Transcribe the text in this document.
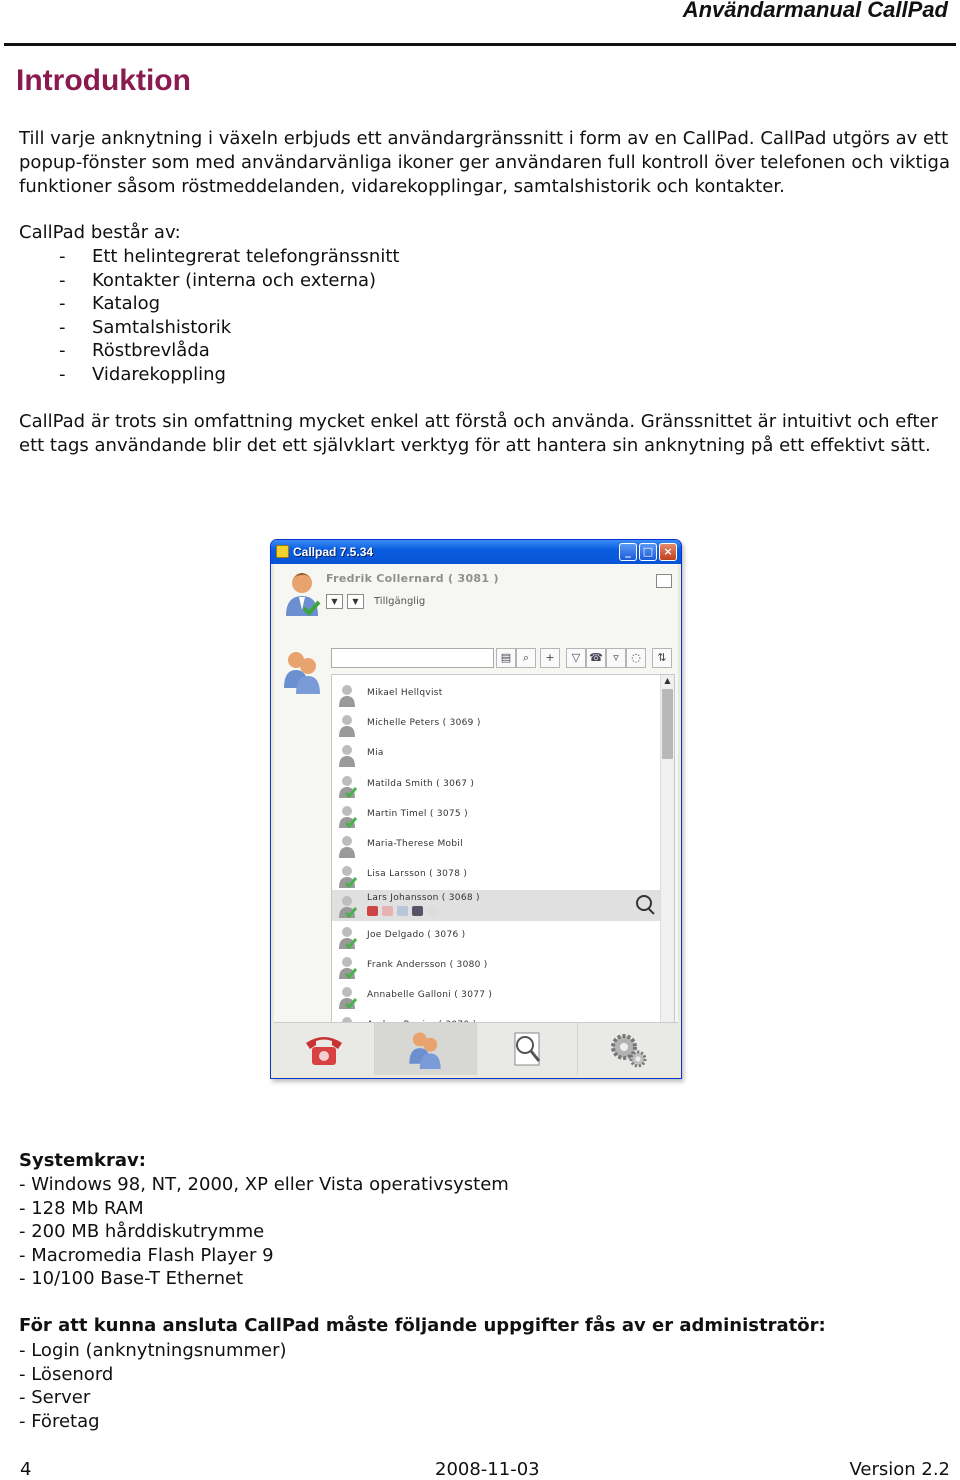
Användarmanual CallPad
Introduktion

Till varje anknytning i växeln erbjuds ett användargränssnitt i form av en CallPad. CallPad utgörs av ett popup-fönster som med användarvänliga ikoner ger användaren full kontroll över telefonen och viktiga funktioner såsom röstmeddelanden, vidarekopplingar, samtalshistorik och kontakter.

CallPad består av:

-	Ett helintegrerat telefongränssnitt
-	Kontakter (interna och externa)
-	Katalog
-	Samtalshistorik
-	Röstbrevlåda
-	Vidarekoppling

CallPad är trots sin omfattning mycket enkel att förstå och använda. Gränssnittet är intuitivt och efter ett tags användande blir det ett självklart verktyg för att hantera sin anknytning på ett effektivt sätt.

Callpad 7.5.34	_	□ ×
Fredrik Collernard ( 3081 )
▼	▼	Tillgänglig
▤	⌕	+	▽ ☎ ▿	◌	⇅
▲
Mikael Hellqvist
Michelle Peters ( 3069 )
Mia
Matilda Smith ( 3067 )
Martin Timel ( 3075 )
Maria-Therese Mobil
Lisa Larsson ( 3078 )
Lars Johansson ( 3068 )
Joe Delgado ( 3076 )
Frank Andersson ( 3080 )
Annabelle Galloni ( 3077 )
Systemkrav:
- Windows 98, NT, 2000, XP eller Vista operativsystem
- 128 Mb RAM
- 200 MB hårddiskutrymme
- Macromedia Flash Player 9
- 10/100 Base-T Ethernet
För att kunna ansluta CallPad måste följande uppgifter fås av er administratör:
- Login (anknytningsnummer)
- Lösenord
- Server
- Företag
4	2008-11-03	Version 2.2
